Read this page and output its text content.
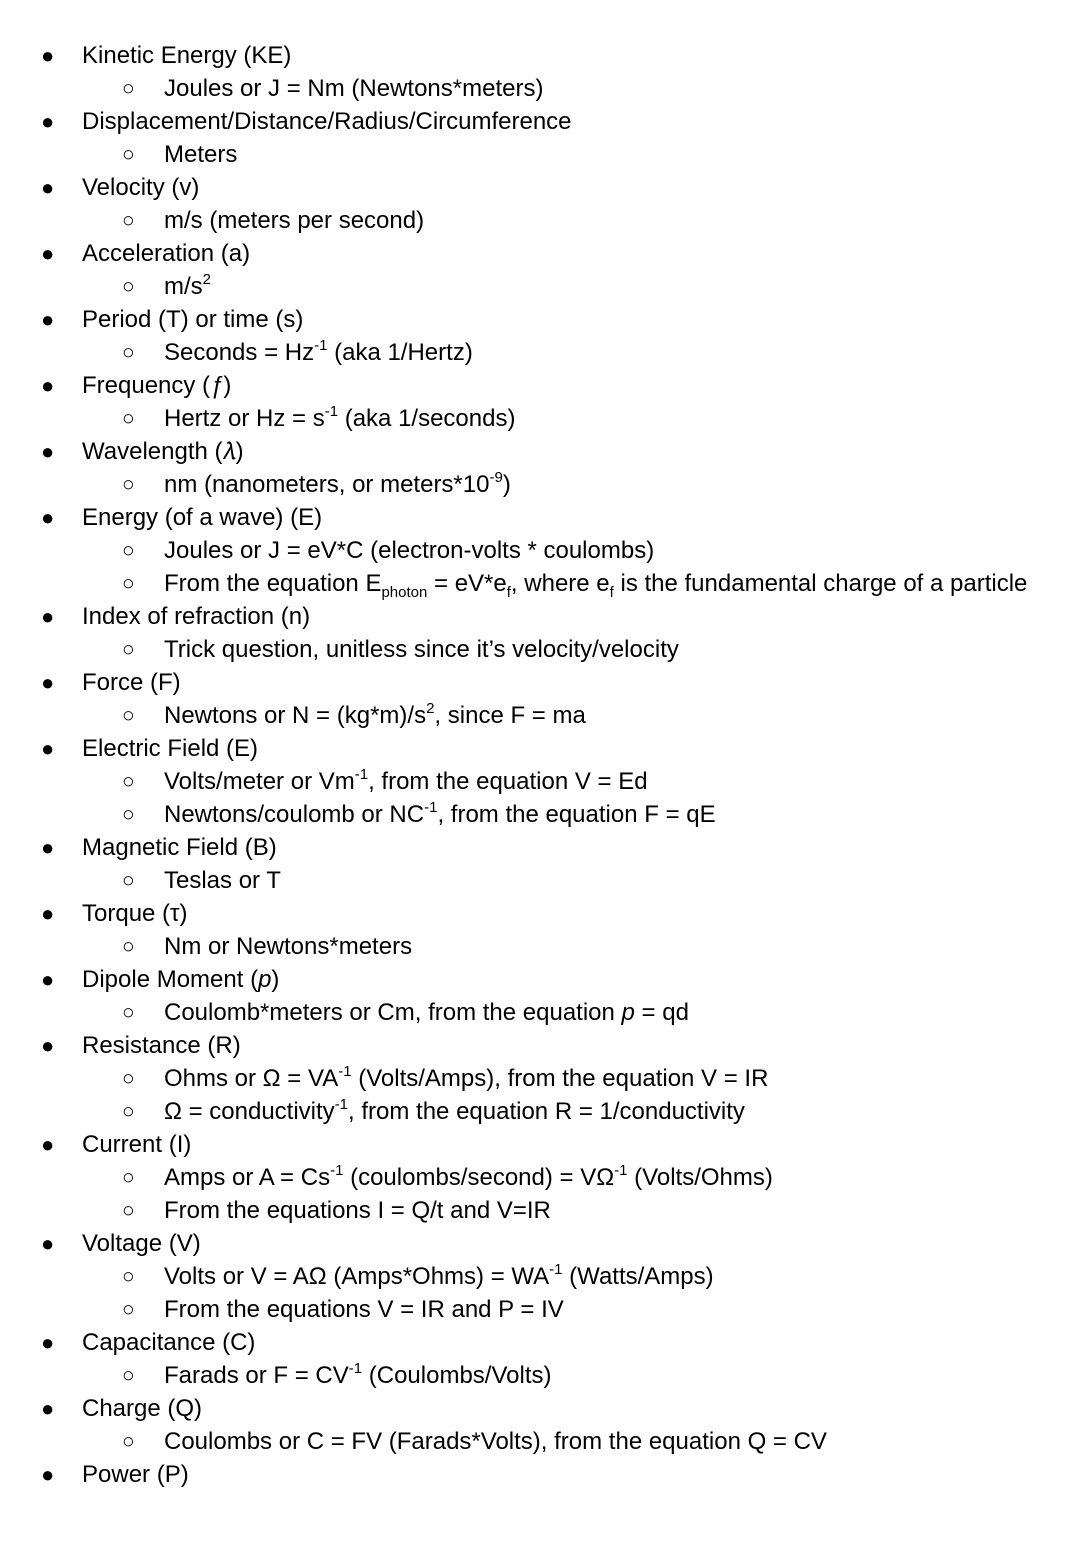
● Kinetic Energy (KE)
○ Joules or J = Nm (Newtons*meters)
● Displacement/Distance/Radius/Circumference
○ Meters
● Velocity (v)
○ m/s (meters per second)
● Acceleration (a)
○ $m/s^2$
● Period (T) or time (s)
○ Seconds = $Hz^{-1}$ (aka 1/Hertz)
● Frequency (ƒ)
○ Hertz or $Hz = s^{-1}$ (aka 1/seconds)
● Wavelength (𝜆)
○ nm (nanometers, or $meters*10^{-9}$)
● Energy (of a wave) (E)
○ Joules or J = eV*C (electron-volts * coulombs)
○ From the equation $E_{photon} = eV*e_f$, where $e_f$ is the fundamental charge of a particle
● Index of refraction (n)
○ Trick question, unitless since it’s velocity/velocity
● Force (F)
○ Newtons or $N = (kg*m)/s^2$, since F = ma
● Electric Field (E)
○ Volts/meter or $Vm^{-1}$, from the equation V = Ed
○ Newtons/coulomb or $NC^{-1}$, from the equation F = qE
● Magnetic Field (B)
○ Teslas or T
● Torque (τ)
○ Nm or Newtons*meters
● Dipole Moment (p)
○ Coulomb*meters or Cm, from the equation p = qd
● Resistance (R)
○ Ohms or $\Omega = VA^{-1}$ (Volts/Amps), from the equation V = IR
○ Ω = conductivity$^{-1}$, from the equation R = 1/conductivity
● Current (I)
○ Amps or $A = Cs^{-1}$ (coulombs/second) = $V\Omega^{-1}$ (Volts/Ohms)
○ From the equations I = Q/t and V=IR
● Voltage (V)
○ Volts or V = AΩ (Amps*Ohms) = $WA^{-1}$ (Watts/Amps)
○ From the equations V = IR and P = IV
● Capacitance (C)
○ Farads or $F = CV^{-1}$ (Coulombs/Volts)
● Charge (Q)
○ Coulombs or C = FV (Farads*Volts), from the equation Q = CV
● Power (P)
